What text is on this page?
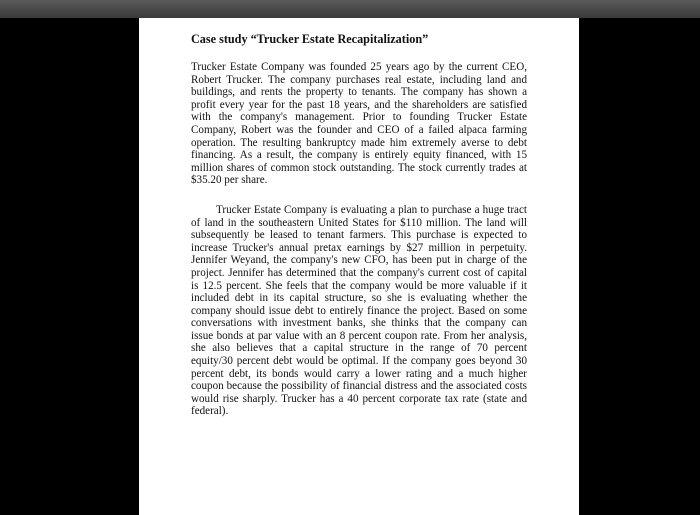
Case study “Trucker Estate Recapitalization”

Trucker Estate Company was founded 25 years ago by the current CEO, Robert Trucker. The company purchases real estate, including land and buildings, and rents the property to tenants. The company has shown a profit every year for the past 18 years, and the shareholders are satisfied with the company's management. Prior to founding Trucker Estate Company, Robert was the founder and CEO of a failed alpaca farming operation. The resulting bankruptcy made him extremely averse to debt financing. As a result, the company is entirely equity financed, with 15 million shares of common stock outstanding. The stock currently trades at $35.20 per share.

Trucker Estate Company is evaluating a plan to purchase a huge tract of land in the southeastern United States for $110 million. The land will subsequently be leased to tenant farmers. This purchase is expected to increase Trucker's annual pretax earnings by $27 million in perpetuity. Jennifer Weyand, the company's new CFO, has been put in charge of the project. Jennifer has determined that the company's current cost of capital is 12.5 percent. She feels that the company would be more valuable if it included debt in its capital structure, so she is evaluating whether the company should issue debt to entirely finance the project. Based on some conversations with investment banks, she thinks that the company can issue bonds at par value with an 8 percent coupon rate. From her analysis, she also believes that a capital structure in the range of 70 percent equity/30 percent debt would be optimal. If the company goes beyond 30 percent debt, its bonds would carry a lower rating and a much higher coupon because the possibility of financial distress and the associated costs would rise sharply. Trucker has a 40 percent corporate tax rate (state and federal).
